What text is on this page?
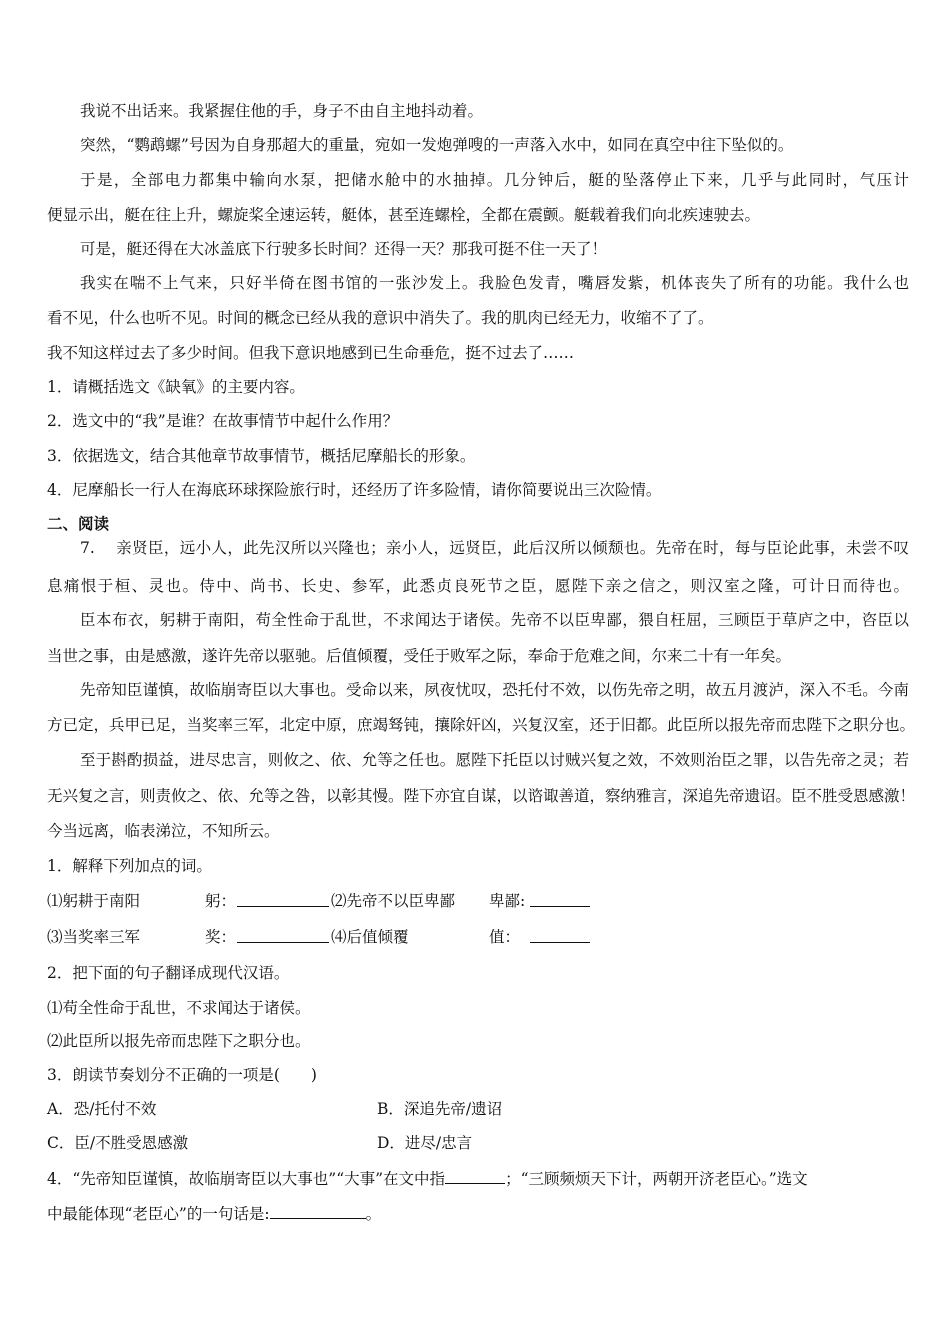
我说不出话来。我紧握住他的手，身子不由自主地抖动着。
突然，“鹦鹉螺”号因为自身那超大的重量，宛如一发炮弹嗖的一声落入水中，如同在真空中往下坠似的。
于是，全部电力都集中输向水泵，把储水舱中的水抽掉。几分钟后，艇的坠落停止下来，几乎与此同时，气压计
便显示出，艇在往上升，螺旋桨全速运转，艇体，甚至连螺栓，全都在震颤。艇载着我们向北疾速驶去。
可是，艇还得在大冰盖底下行驶多长时间？还得一天？那我可挺不住一天了！
我实在喘不上气来，只好半倚在图书馆的一张沙发上。我脸色发青，嘴唇发紫，机体丧失了所有的功能。我什么也
看不见，什么也听不见。时间的概念已经从我的意识中消失了。我的肌肉已经无力，收缩不了了。
我不知这样过去了多少时间。但我下意识地感到已生命垂危，挺不过去了……
1．请概括选文《缺氧》的主要内容。
2．选文中的“我”是谁？在故事情节中起什么作用？
3．依据选文，结合其他章节故事情节，概括尼摩船长的形象。
4．尼摩船长一行人在海底环球探险旅行时，还经历了许多险情，请你简要说出三次险情。
二、阅读
7.　 亲贤臣，远小人，此先汉所以兴隆也；亲小人，远贤臣，此后汉所以倾颓也。先帝在时，每与臣论此事，未尝不叹
息痛恨于桓、灵也。侍中、尚书、长史、参军，此悉贞良死节之臣，愿陛下亲之信之，则汉室之隆，可计日而待也。
臣本布衣，躬耕于南阳，苟全性命于乱世，不求闻达于诸侯。先帝不以臣卑鄙，猥自枉屈，三顾臣于草庐之中，咨臣以
当世之事，由是感激，遂许先帝以驱驰。后值倾覆，受任于败军之际，奉命于危难之间，尔来二十有一年矣。
先帝知臣谨慎，故临崩寄臣以大事也。受命以来，夙夜忧叹，恐托付不效，以伤先帝之明，故五月渡泸，深入不毛。今南
方已定，兵甲已足，当奖率三军，北定中原，庶竭驽钝，攘除奸凶，兴复汉室，还于旧都。此臣所以报先帝而忠陛下之职分也。
至于斟酌损益，进尽忠言，则攸之、依、允等之任也。愿陛下托臣以讨贼兴复之效，不效则治臣之罪，以告先帝之灵；若
无兴复之言，则责攸之、依、允等之咎，以彰其慢。陛下亦宜自谋，以谘诹善道，察纳雅言，深追先帝遗诏。臣不胜受恩感激！
今当远离，临表涕泣，不知所云。
1．解释下列加点的词。
⑴躬耕于南阳	躬：	⑵先帝不以臣卑鄙 卑鄙:
⑶当奖率三军	奖：	⑷后值倾覆	值：
2．把下面的句子翻译成现代汉语。
⑴苟全性命于乱世，不求闻达于诸侯。
⑵此臣所以报先帝而忠陛下之职分也。
3．朗读节奏划分不正确的一项是(　　)
A．恐/托付不效	B．深追先帝/遗诏
C．臣/不胜受恩感激	D．进尽/忠言
4．“先帝知臣谨慎，故临崩寄臣以大事也”“大事”在文中指	；“三顾频烦天下计，两朝开济老臣心。”选文
中最能体现“老臣心”的一句话是:	。
